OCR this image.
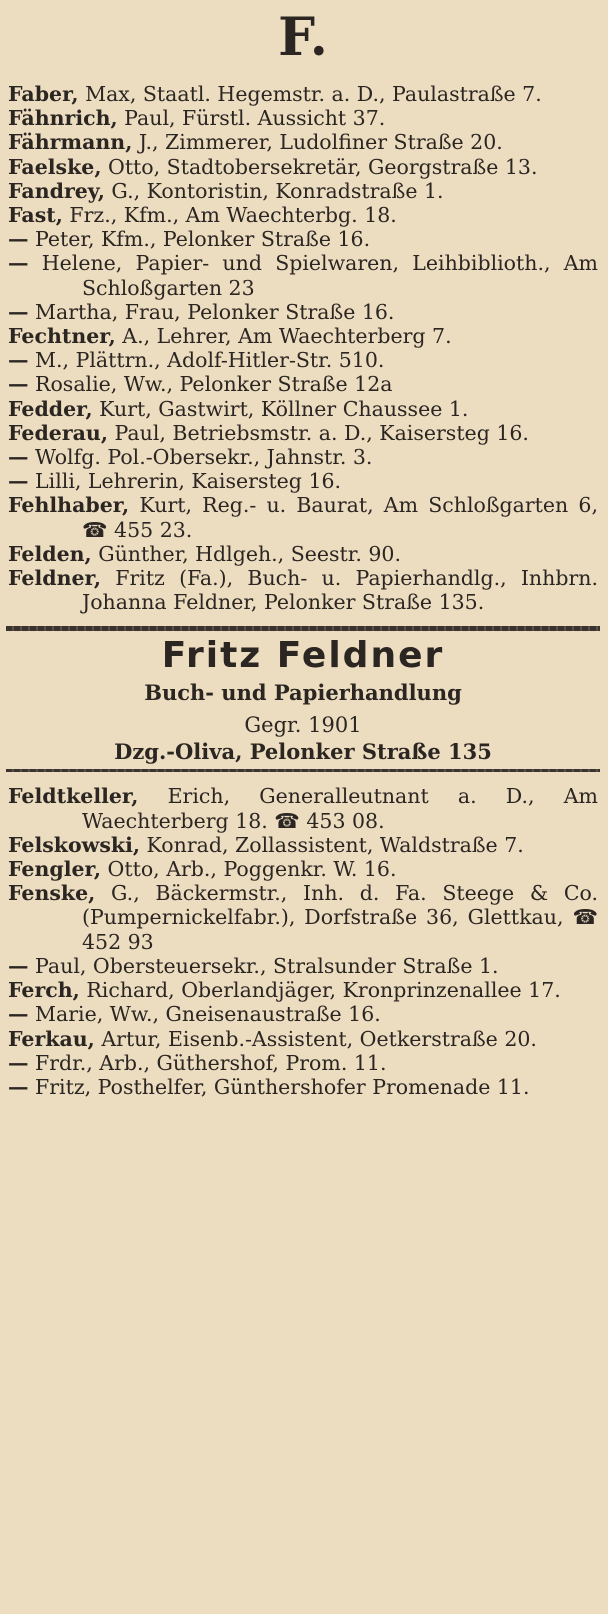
F.
Faber, Max, Staatl. Hegemstr. a. D., Paulastraße 7.
Fähnrich, Paul, Fürstl. Aussicht 37.
Fährmann, J., Zimmerer, Ludolfiner Straße 20.
Faelske, Otto, Stadtobersekretär, Georgstraße 13.
Fandrey, G., Kontoristin, Konradstraße 1.
Fast, Frz., Kfm., Am Waechterbg. 18.
— Peter, Kfm., Pelonker Straße 16.
— Helene, Papier- und Spielwaren, Leihbiblioth., Am Schloßgarten 23
— Martha, Frau, Pelonker Straße 16.
Fechtner, A., Lehrer, Am Waechterberg 7.
— M., Plättrn., Adolf-Hitler-Str. 510.
— Rosalie, Ww., Pelonker Straße 12a
Fedder, Kurt, Gastwirt, Köllner Chaussee 1.
Federau, Paul, Betriebsmstr. a. D., Kaisersteg 16.
— Wolfg. Pol.-Obersekr., Jahnstr. 3.
— Lilli, Lehrerin, Kaisersteg 16.
Fehlhaber, Kurt, Reg.- u. Baurat, Am Schloßgarten 6, ☎ 455 23.
Felden, Günther, Hdlgeh., Seestr. 90.
Feldner, Fritz (Fa.), Buch- u. Papierhandlg., Inhbrn. Johanna Feldner, Pelonker Straße 135.
Fritz Feldner
Buch- und Papierhandlung
Gegr. 1901
Dzg.-Oliva, Pelonker Straße 135
Feldtkeller, Erich, Generalleutnant a. D., Am Waechterberg 18. ☎ 453 08.
Felskowski, Konrad, Zollassistent, Waldstraße 7.
Fengler, Otto, Arb., Poggenkr. W. 16.
Fenske, G., Bäckermstr., Inh. d. Fa. Steege & Co. (Pumpernickelfabr.), Dorfstraße 36, Glettkau, ☎ 452 93
— Paul, Obersteuersekr., Stralsunder Straße 1.
Ferch, Richard, Oberlandjäger, Kronprinzenallee 17.
— Marie, Ww., Gneisenaustraße 16.
Ferkau, Artur, Eisenb.-Assistent, Oetkerstraße 20.
— Frdr., Arb., Güthershof, Prom. 11.
— Fritz, Posthelfer, Günthershofer Promenade 11.
